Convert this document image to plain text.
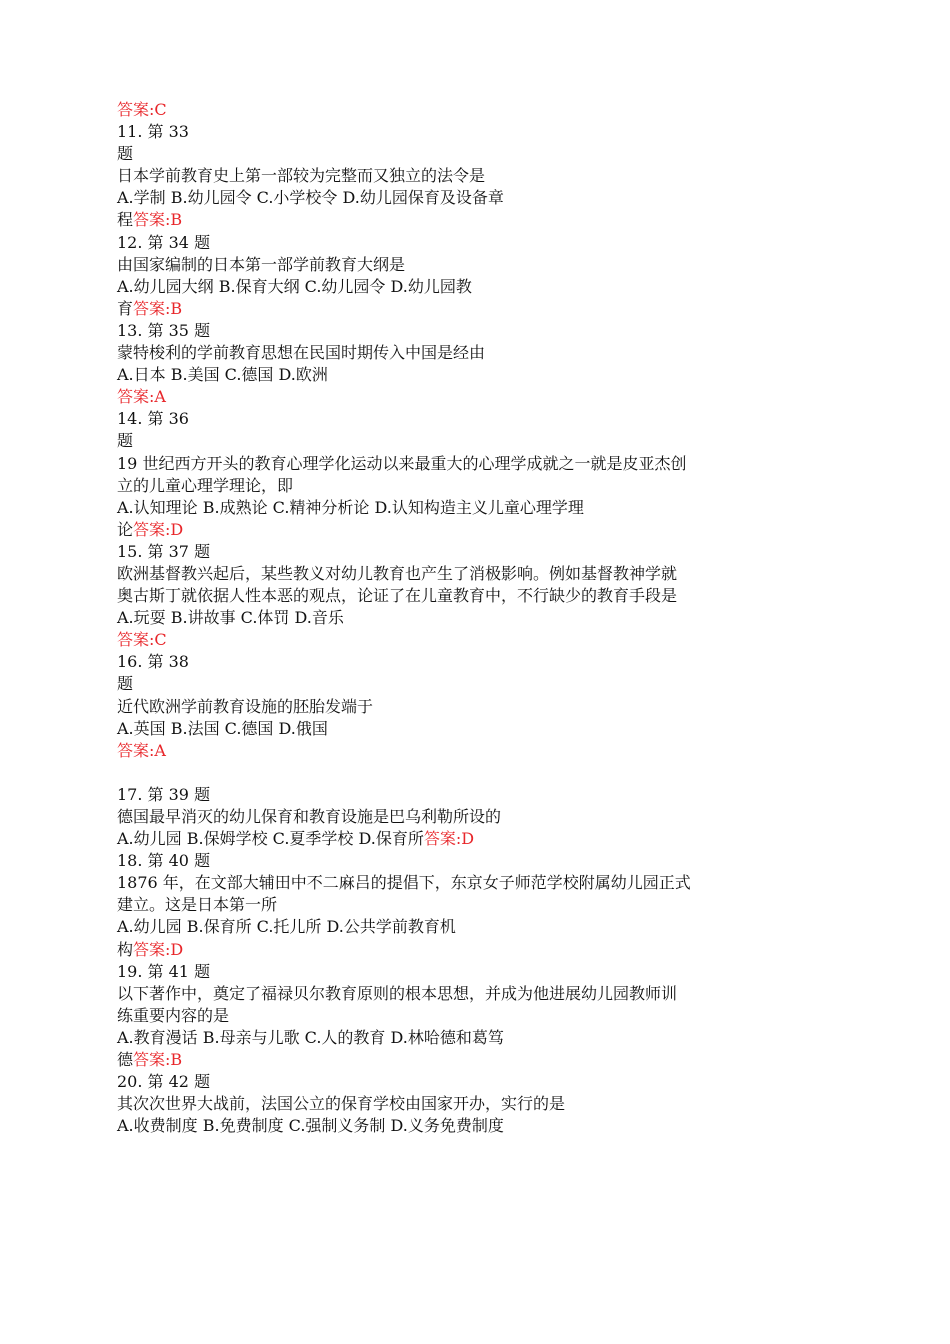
答案:C
11. 第 33
题
日本学前教育史上第一部较为完整而又独立的法令是
A.学制 B.幼儿园令 C.小学校令 D.幼儿园保育及设备章
程答案:B
12. 第 34 题
由国家编制的日本第一部学前教育大纲是
A.幼儿园大纲 B.保育大纲 C.幼儿园令 D.幼儿园教
育答案:B
13. 第 35 题
蒙特梭利的学前教育思想在民国时期传入中国是经由
A.日本 B.美国 C.德国 D.欧洲
答案:A
14. 第 36
题
19 世纪西方开头的教育心理学化运动以来最重大的心理学成就之一就是皮亚杰创
立的儿童心理学理论，即
A.认知理论 B.成熟论 C.精神分析论 D.认知构造主义儿童心理学理
论答案:D
15. 第 37 题
欧洲基督教兴起后，某些教义对幼儿教育也产生了消极影响。例如基督教神学就
奥古斯丁就依据人性本恶的观点，论证了在儿童教育中，不行缺少的教育手段是
A.玩耍 B.讲故事 C.体罚 D.音乐
答案:C
16. 第 38
题
近代欧洲学前教育设施的胚胎发端于
A.英国 B.法国 C.德国 D.俄国
答案:A
17. 第 39 题
德国最早消灭的幼儿保育和教育设施是巴乌利勒所设的
A.幼儿园 B.保姆学校 C.夏季学校 D.保育所答案:D
18. 第 40 题
1876 年，在文部大辅田中不二麻吕的提倡下，东京女子师范学校附属幼儿园正式
建立。这是日本第一所
A.幼儿园 B.保育所 C.托儿所 D.公共学前教育机
构答案:D
19. 第 41 题
以下著作中，奠定了福禄贝尔教育原则的根本思想，并成为他进展幼儿园教师训
练重要内容的是
A.教育漫话 B.母亲与儿歌 C.人的教育 D.林哈德和葛笃
德答案:B
20. 第 42 题
其次次世界大战前，法国公立的保育学校由国家开办，实行的是
A.收费制度 B.免费制度 C.强制义务制 D.义务免费制度
